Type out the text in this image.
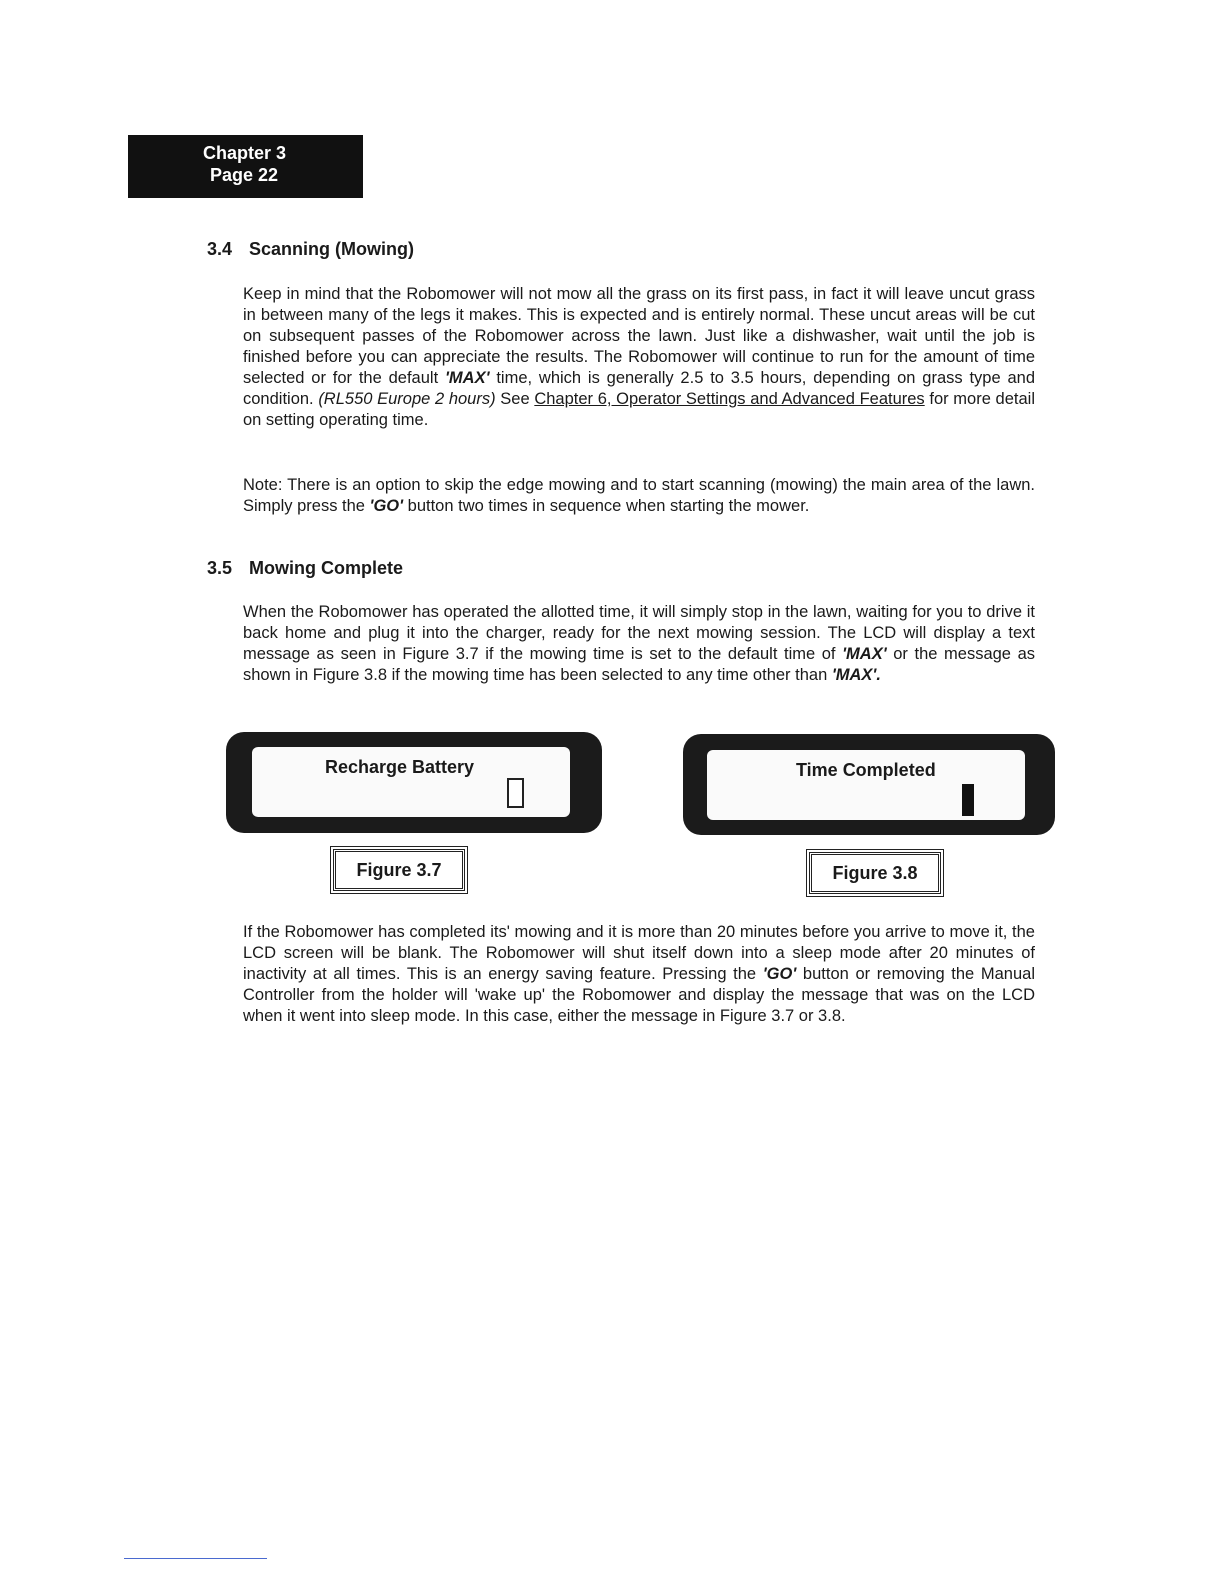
Chapter 3
Page 22
3.4 Scanning (Mowing)

Keep in mind that the Robomower will not mow all the grass on its first pass, in fact it will leave uncut grass in between many of the legs it makes. This is expected and is entirely normal. These uncut areas will be cut on subsequent passes of the Robomower across the lawn. Just like a dishwasher, wait until the job is finished before you can appreciate the results. The Robomower will continue to run for the amount of time selected or for the default 'MAX' time, which is generally 2.5 to 3.5 hours, depending on grass type and condition. (RL550 Europe 2 hours) See Chapter 6, Operator Settings and Advanced Features for more detail on setting operating time.

Note: There is an option to skip the edge mowing and to start scanning (mowing) the main area of the lawn. Simply press the 'GO' button two times in sequence when starting the mower.

3.5 Mowing Complete

When the Robomower has operated the allotted time, it will simply stop in the lawn, waiting for you to drive it back home and plug it into the charger, ready for the next mowing session. The LCD will display a text message as seen in Figure 3.7 if the mowing time is set to the default time of 'MAX' or the message as shown in Figure 3.8 if the mowing time has been selected to any time other than 'MAX'.

Recharge Battery
Figure 3.7
Time Completed
Figure 3.8

If the Robomower has completed its' mowing and it is more than 20 minutes before you arrive to move it, the LCD screen will be blank. The Robomower will shut itself down into a sleep mode after 20 minutes of inactivity at all times. This is an energy saving feature. Pressing the 'GO' button or removing the Manual Controller from the holder will 'wake up' the Robomower and display the message that was on the LCD when it went into sleep mode. In this case, either the message in Figure 3.7 or 3.8.
